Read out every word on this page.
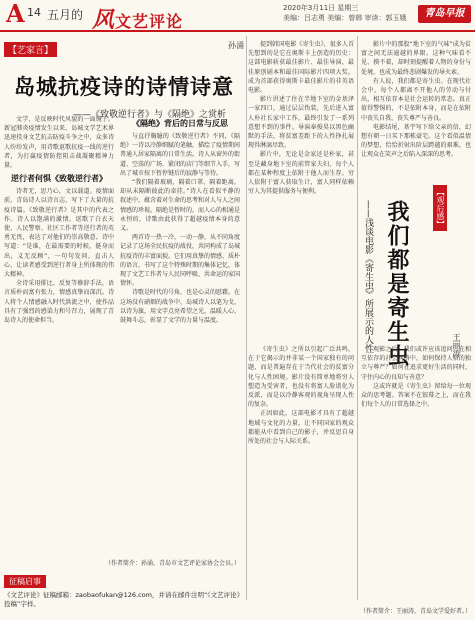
A 14 五月的 风文艺评论
2020年3月11日 星期三
美编：吕志勇 美编：曾韩 审读：郭玉娥	青岛早报
【艺家言】
孙涌
岛城抗疫诗的诗情诗意
——《致敬逆行者》与《隔绝》之赏析

文学，是反映时代风貌的一面镜子。新冠肺炎疫情发生以来，岛城文学艺术界迅速投身文艺抗击防疫斗争之中，众多诗人纷纷发声，用诗歌讴歌抗疫一线的逆行者，为打赢疫情防控阻击战凝聚精神力量。

逆行者何惧《致敬逆行者》

诗者无，思乃心，文以载道。疫情面前，青岛诗人以诗言志，写下了大量的抗疫诗篇。《致敬逆行者》是其中的代表之作。诗人以饱满的激情，讴歌了白衣天使、人民警察、社区工作者等逆行者的英勇无畏，表达了对他们的崇高敬意。诗中写道：“是谁，在最需要的时候，挺身而出，义无反顾”，一句句发问，直击人心，让读者感受到逆行者身上所体现的伟大精神。

全诗采用排比、反复等修辞手法，语言质朴而富有张力，情感真挚而深沉。诗人将个人情感融入时代洪流之中，使作品具有了强烈的感染力和号召力，展现了青岛诗人的使命担当。

《隔绝》背后的日常与反思

与直抒胸臆的《致敬逆行者》不同，《隔绝》一诗以冷静细腻的笔触，描绘了疫情期间普通人居家隔离的日常生活。诗人从窗外的街道、空荡的广场、紧闭的店门等细节入手，写出了城市按下暂停键后的寂静与等待。

“我们隔着玻璃，隔着口罩，隔着距离，却从未隔断彼此的牵挂。”诗人在看似平静的叙述中，蕴含着对生命的思考和对人与人之间情感的珍视。隔绝是暂时的，而人心的相通是永恒的，诗歌由此获得了超越疫情本身的意义。

两首诗一热一冷，一动一静，从不同角度记录了这场全民抗疫的战役，共同构成了岛城抗疫诗的丰富面貌。它们用真挚的情感、质朴的语言，书写了这个特殊时期的集体记忆，体现了文艺工作者与人民同呼吸、共命运的家国情怀。

诗歌是时代的号角，也是心灵的慰藉。在这场没有硝烟的战争中，岛城诗人以笔为戈，以诗为旗，用文字点亮希望之光，温暖人心，鼓舞斗志，彰显了文学的力量与温度。

提到韩国电影《寄生虫》，很多人首先想到的是它在奥斯卡上创造的历史：这部电影斩获最佳影片、最佳导演、最佳原创剧本和最佳国际影片四项大奖，成为首部获得奥斯卡最佳影片的非英语电影。

影片讲述了住在半地下室的金基泽一家四口，通过层层伪装，先后进入富人朴社长家中工作，最终引发了一系列意想不到的事件。导演奉俊昊以黑色幽默的手法，将贫富差距下的人性挣扎展现得淋漓尽致。

影片中，无论是金家还是朴家，甚至是藏身地下室的前管家夫妇，每个人都在某种程度上依附于他人而生存。穷人依附于富人获取生计，富人同样依赖穷人为其提供服务与便利。

影片中的那股“地下室的气味”成为贫富之间无法逾越的界限。这种气味看不见、摸不着，却时刻提醒着人物的身份与处境，也成为最终悲剧爆发的导火索。

有人说，我们都是寄生虫。在现代社会中，每个人都离不开他人的劳动与付出，相互依存本是社会运转的常态。真正值得警惕的，不是依附本身，而是在依附中丧失自我、丧失尊严与善良。

电影结尾，基宇写下给父亲的信，幻想有朝一日买下那栋豪宅。这个看似温情的梦想，恰恰折射出阶层跨越的艰难，也让观众在笑声之后陷入深深的思考。

【观后感】
我们都是寄生虫
——浅谈电影《寄生虫》所展示的人性	王丽涛

《寄生虫》之所以引起广泛共鸣，在于它揭示的并非某一个国家独有的问题，而是普遍存在于当代社会的贫富分化与人性困境。影片没有简单地将穷人塑造为受害者，也没有将富人脸谱化为反派，而是以冷静客观的视角呈现人性的复杂。

正因如此，这部电影才具有了超越地域与文化的力量，让不同国家的观众都能从中看到自己的影子，并反思自身所处的社会与人际关系。

观影之后，我们或许应该追问：在相互依存的社会网络中，如何保持人格的独立与尊严？如何在追求更好生活的同时，守住内心的良知与善意？

这或许就是《寄生虫》留给每一位观众的思考题。答案不在银幕之上，而在我们每个人的日常选择之中。

（作者简介：孙涌，青岛市文艺评论家协会会员。）
征稿启事
《文艺评论》征稿邮箱：zaobaofukan@126.com，并请在邮件注明“《文艺评论》投稿”字样。
（作者简介：王丽涛，青岛文学爱好者。）
